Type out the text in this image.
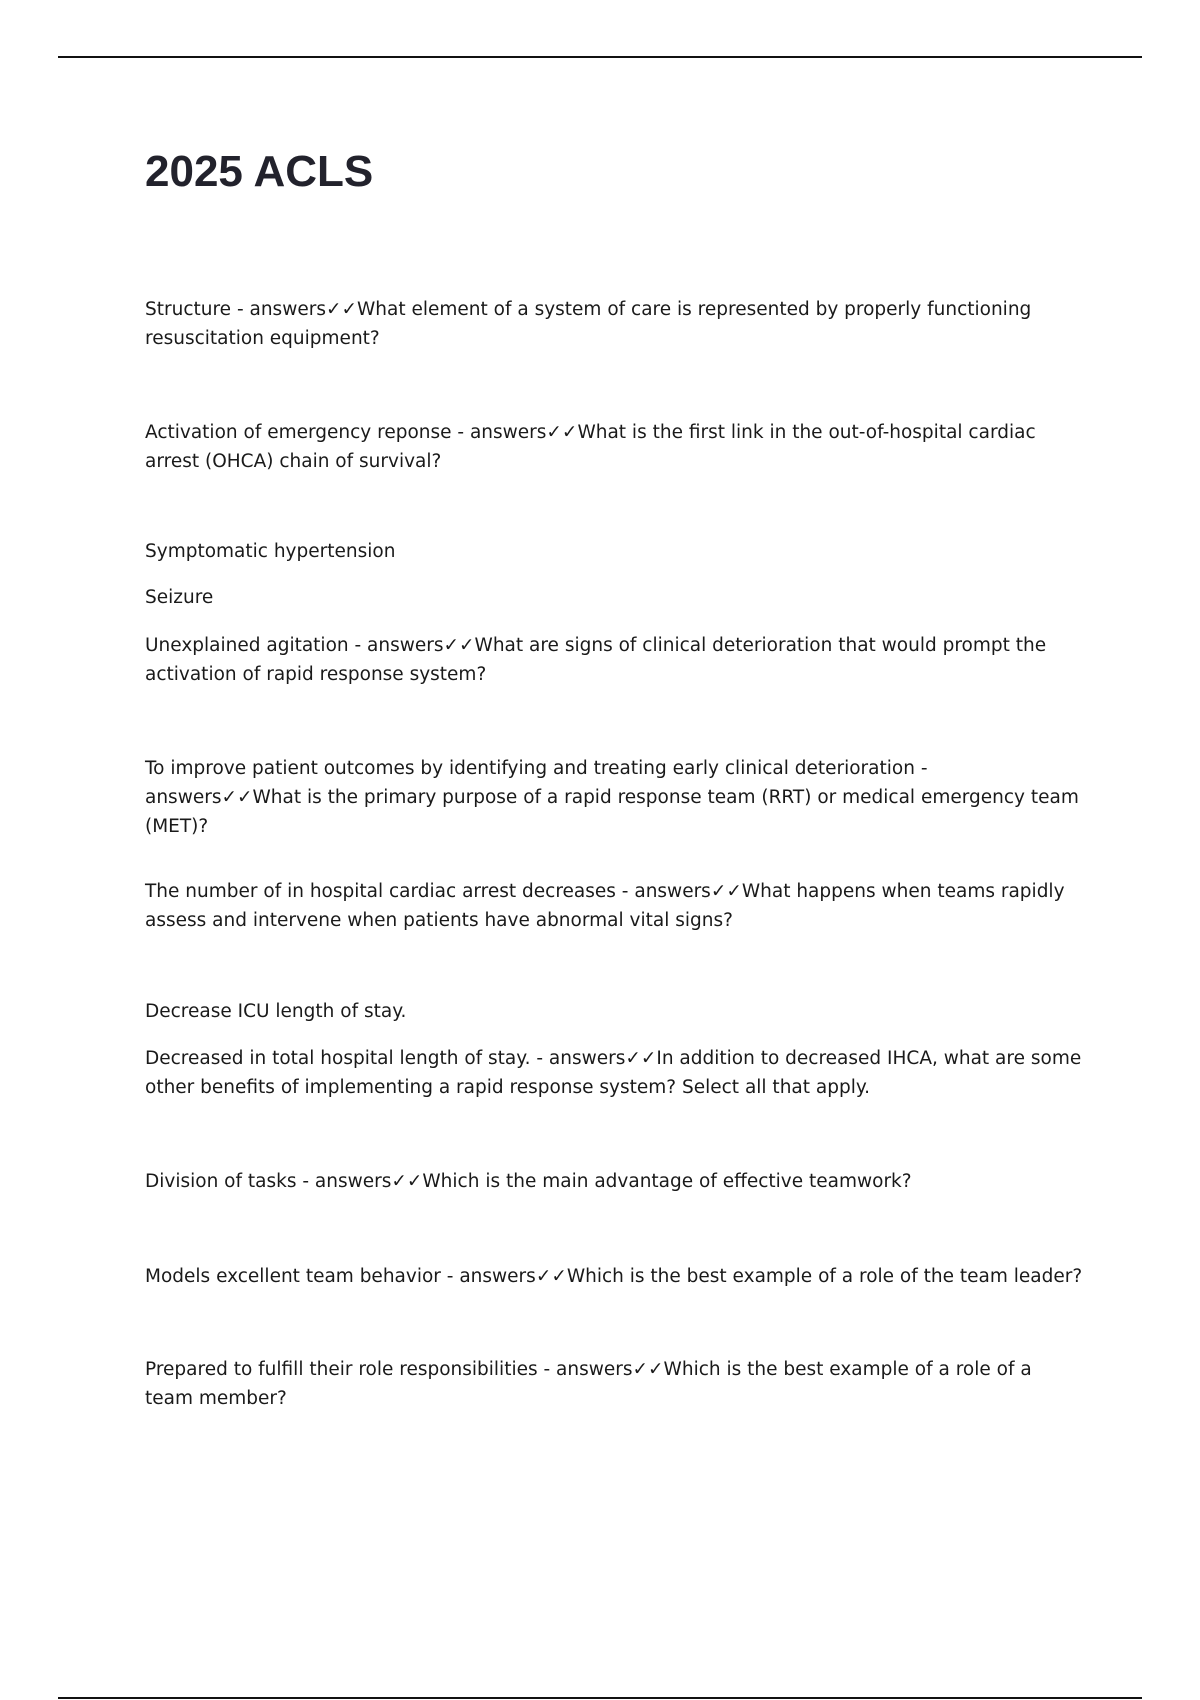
2025 ACLS

Structure - answers✓✓What element of a system of care is represented by properly functioning resuscitation equipment?

Activation of emergency reponse - answers✓✓What is the first link in the out-of-hospital cardiac arrest (OHCA) chain of survival?

Symptomatic hypertension

Seizure

Unexplained agitation - answers✓✓What are signs of clinical deterioration that would prompt the activation of rapid response system?

To improve patient outcomes by identifying and treating early clinical deterioration - answers✓✓What is the primary purpose of a rapid response team (RRT) or medical emergency team (MET)?

The number of in hospital cardiac arrest decreases - answers✓✓What happens when teams rapidly assess and intervene when patients have abnormal vital signs?

Decrease ICU length of stay.

Decreased in total hospital length of stay. - answers✓✓In addition to decreased IHCA, what are some other benefits of implementing a rapid response system? Select all that apply.

Division of tasks - answers✓✓Which is the main advantage of effective teamwork?

Models excellent team behavior - answers✓✓Which is the best example of a role of the team leader?

Prepared to fulfill their role responsibilities - answers✓✓Which is the best example of a role of a team member?
